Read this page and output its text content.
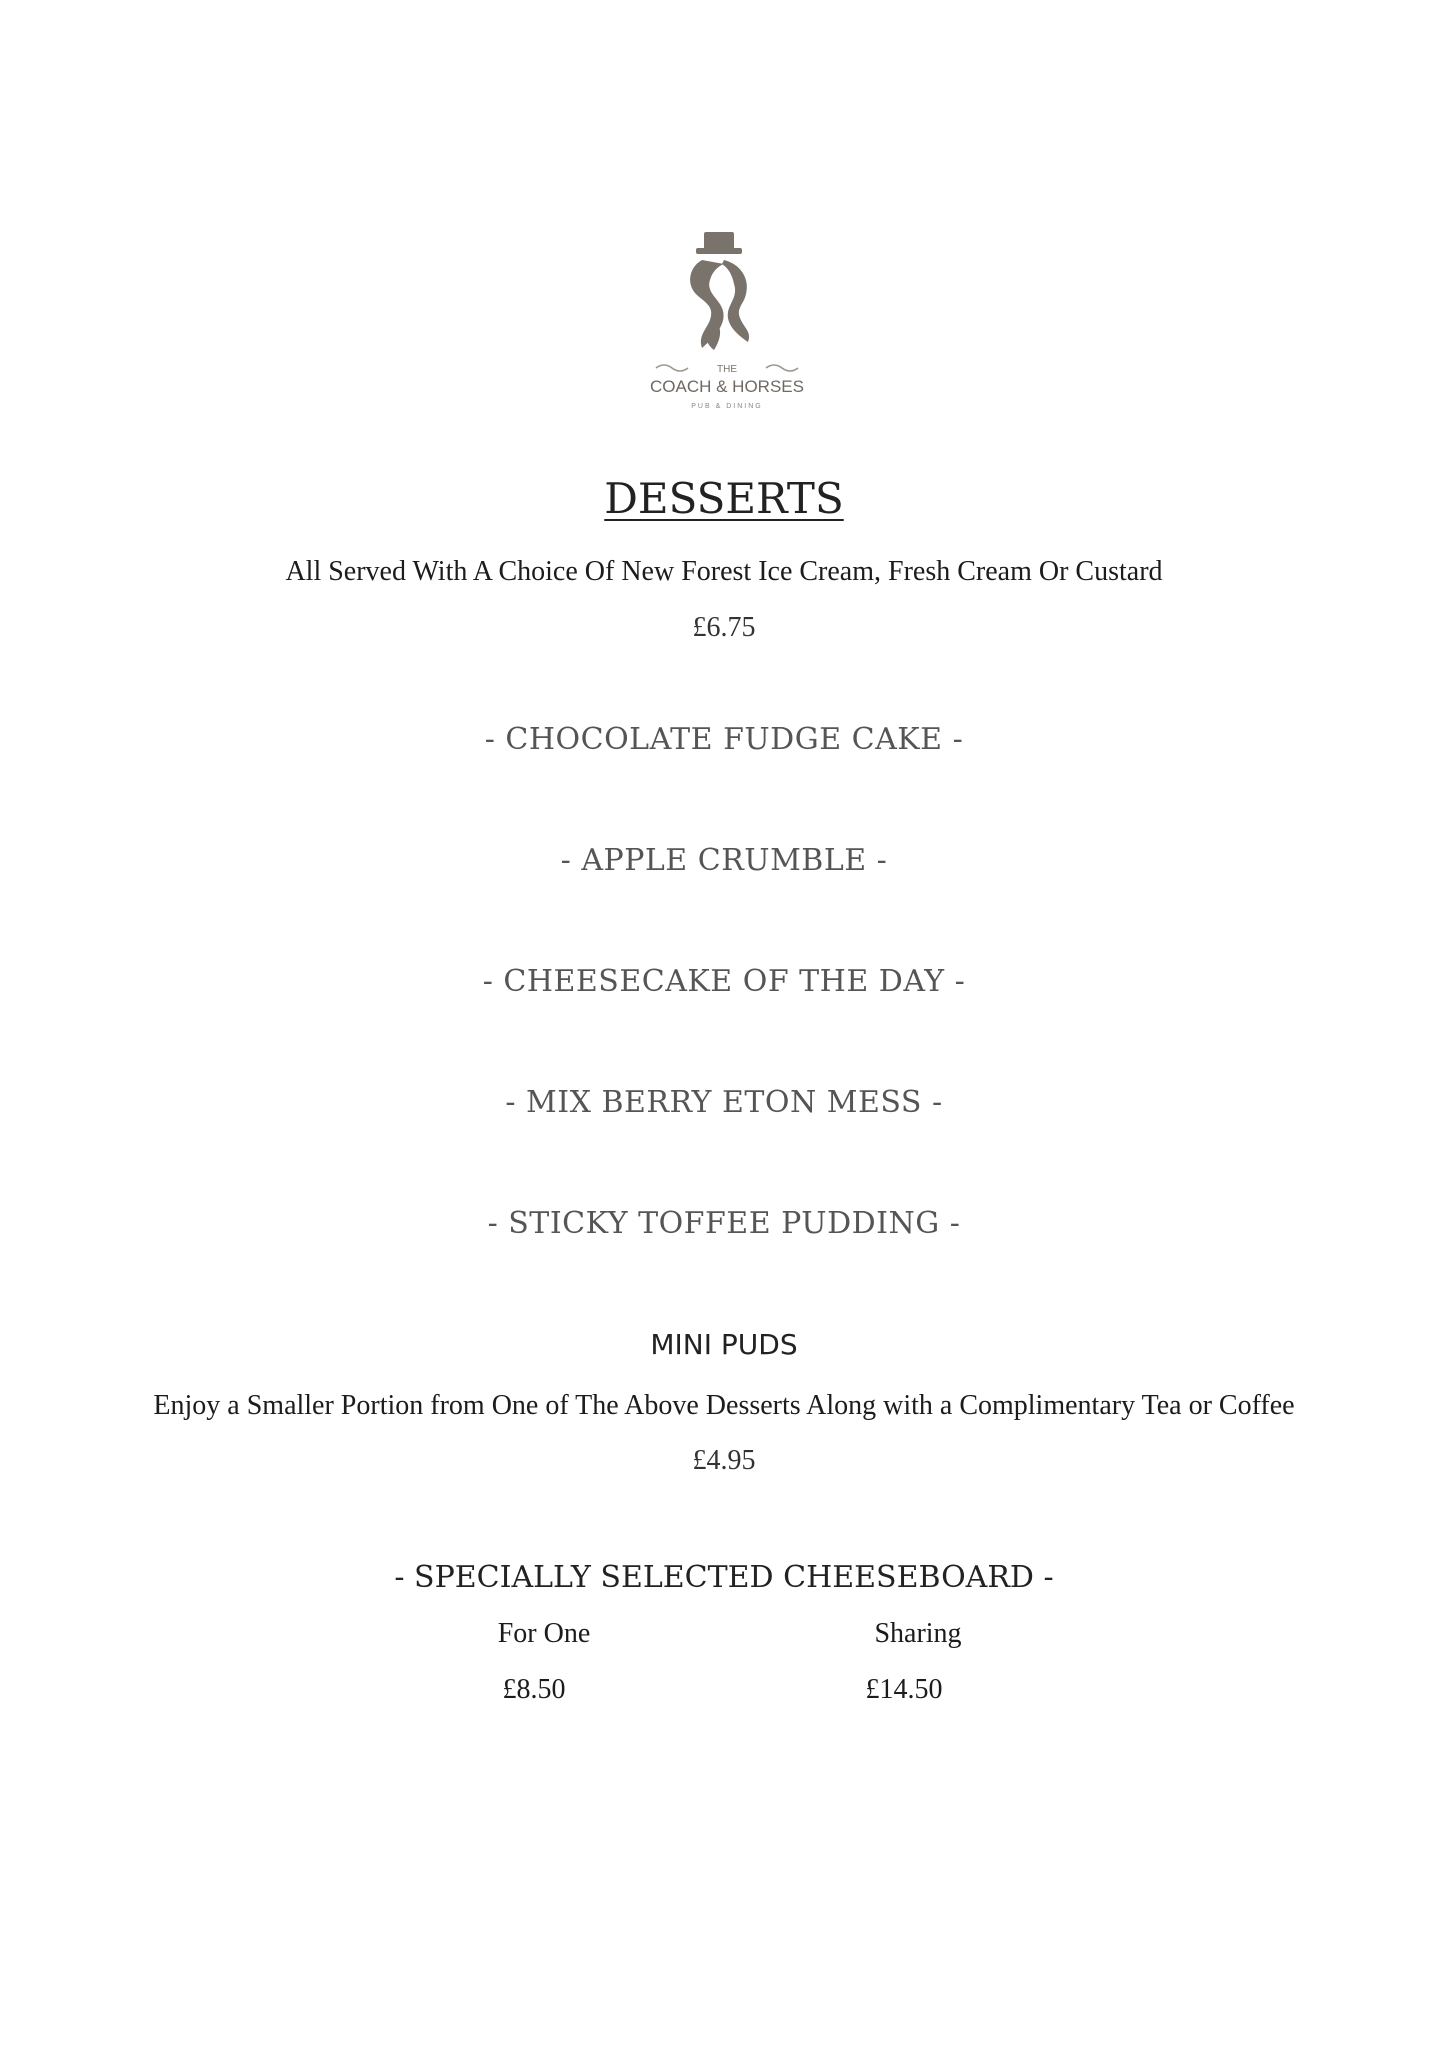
THE
COACH & HORSES
PUB & DINING
DESSERTS
All Served With A Choice Of New Forest Ice Cream, Fresh Cream Or Custard
£6.75
- CHOCOLATE FUDGE CAKE -
- APPLE CRUMBLE -
- CHEESECAKE OF THE DAY -
- MIX BERRY ETON MESS -
- STICKY TOFFEE PUDDING -
MINI PUDS
Enjoy a Smaller Portion from One of The Above Desserts Along with a Complimentary Tea or Coffee
£4.95
- SPECIALLY SELECTED CHEESEBOARD -
For One	Sharing
£8.50	£14.50
